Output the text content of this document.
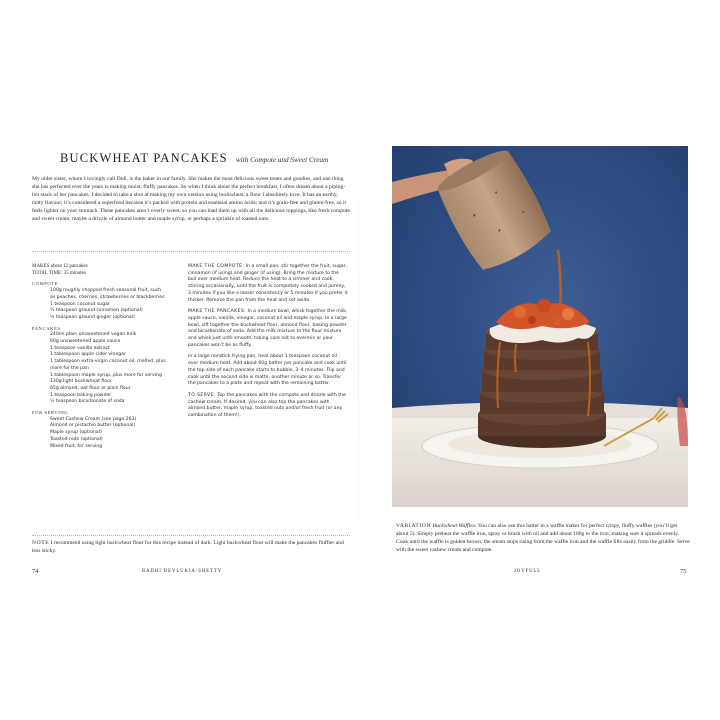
BUCKWHEAT PANCAKES with Compote and Sweet Cream
My older sister, whom I lovingly call Didi, is the baker in our family. She makes the most delicious sweet treats and goodies, and one thing she has perfected over the years is making moist, fluffy pancakes. So when I think about the perfect breakfast, I often dream about a piping-hot stack of her pancakes. I decided to take a shot at making my own version using buckwheat, a flour I absolutely love. It has an earthy, nutty flavour; it’s considered a superfood because it’s packed with protein and essential amino acids; and it’s grain-free and gluten-free, so it feels lighter on your stomach. These pancakes aren’t overly sweet, so you can load them up with all the delicious toppings, like fresh compote and sweet cream, maybe a drizzle of almond butter and maple syrup, or perhaps a sprinkle of toasted nuts.
MAKES about 12 pancakes
TOTAL TIME: 35 minutes
COMPOTE
100g roughly chopped fresh seasonal fruit, such as peaches, cherries, strawberries or blackberries
1 teaspoon coconut sugar
¼ teaspoon ground cinnamon (optional)
¼ teaspoon ground ginger (optional)
PANCAKES
240ml plain unsweetened vegan milk
60g unsweetened apple sauce
1 teaspoon vanilla extract
1 tablespoon apple cider vinegar
1 tablespoon extra-virgin coconut oil, melted, plus more for the pan
1 tablespoon maple syrup, plus more for serving
130g light buckwheat flour
65g almond, oat flour or plain flour
1 teaspoon baking powder
½ teaspoon bicarbonate of soda
FOR SERVING
Sweet Cashew Cream (see page 263)
Almond or pistachio butter (optional)
Maple syrup (optional)
Toasted nuts (optional)
Mixed fruit, for serving
MAKE THE COMPOTE: In a small pan, stir together the fruit, sugar, cinnamon (if using) and ginger (if using). Bring the mixture to the boil over medium heat. Reduce the heat to a simmer and cook, stirring occasionally, until the fruit is completely cooked and jammy, 3 minutes if you like a looser consistency or 5 minutes if you prefer it thicker. Remove the pan from the heat and set aside.
MAKE THE PANCAKES: In a medium bowl, whisk together the milk, apple sauce, vanilla, vinegar, coconut oil and maple syrup. In a large bowl, sift together the buckwheat flour, almond flour, baking powder and bicarbonate of soda. Add the milk mixture to the flour mixture and whisk just until smooth, taking care not to overmix or your pancakes won’t be as fluffy.
In a large nonstick frying pan, heat about 1 teaspoon coconut oil over medium heat. Add about 60g batter per pancake and cook until the top side of each pancake starts to bubble, 3–4 minutes. Flip and cook until the second side is matte, another minute or so. Transfer the pancakes to a plate and repeat with the remaining batter.
TO SERVE: Top the pancakes with the compote and drizzle with the cashew cream. If desired, you can also top the pancakes with almond butter, maple syrup, toasted nuts and/or fresh fruit (or any combination of them!).
NOTE I recommend using light buckwheat flour for this recipe instead of dark. Light buckwheat flour will make the pancakes fluffier and less sticky.
74	RADHI DEVLUKIA-SHETTY
VARIATION Buckwheat Waffles: You can also use this batter in a waffle maker for perfect crispy, fluffy waffles (you’ll get about 5). Simply preheat the waffle iron, spray or brush with oil and add about 180g to the iron, making sure it spreads evenly. Cook until the waffle is golden brown, the steam stops rising from the waffle iron and the waffle lifts easily from the griddle. Serve with the sweet cashew cream and compote.
JOYFULL	75
